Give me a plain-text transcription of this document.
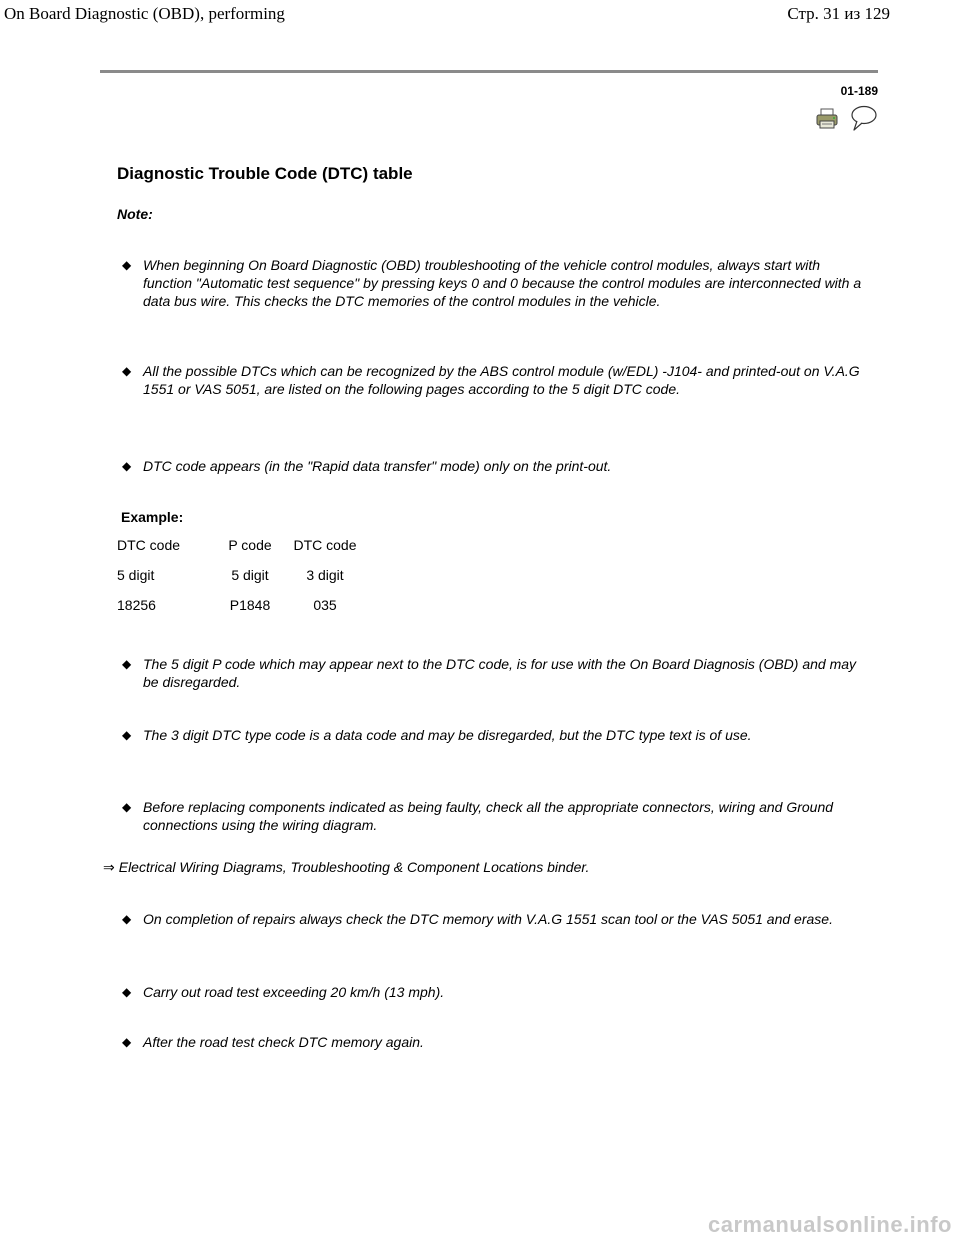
On Board Diagnostic (OBD), performing	Стр. 31 из 129
01-189
Diagnostic Trouble Code (DTC) table
Note:
◆ When beginning On Board Diagnostic (OBD) troubleshooting of the vehicle control modules, always start with function "Automatic test sequence" by pressing keys 0 and 0 because the control modules are interconnected with a data bus wire. This checks the DTC memories of the control modules in the vehicle.
◆ All the possible DTCs which can be recognized by the ABS control module (w/EDL) -J104- and printed-out on V.A.G 1551 or VAS 5051, are listed on the following pages according to the 5 digit DTC code.
◆ DTC code appears (in the "Rapid data transfer" mode) only on the print-out.
Example:
DTC code	P code	DTC code
5 digit	5 digit	3 digit
18256	P1848	035
◆ The 5 digit P code which may appear next to the DTC code, is for use with the On Board Diagnosis (OBD) and may be disregarded.
◆ The 3 digit DTC type code is a data code and may be disregarded, but the DTC type text is of use.
◆ Before replacing components indicated as being faulty, check all the appropriate connectors, wiring and Ground connections using the wiring diagram.
⇒ Electrical Wiring Diagrams, Troubleshooting & Component Locations binder.
◆ On completion of repairs always check the DTC memory with V.A.G 1551 scan tool or the VAS 5051 and erase.
◆ Carry out road test exceeding 20 km/h (13 mph).
◆ After the road test check DTC memory again.
carmanualsonline.info
